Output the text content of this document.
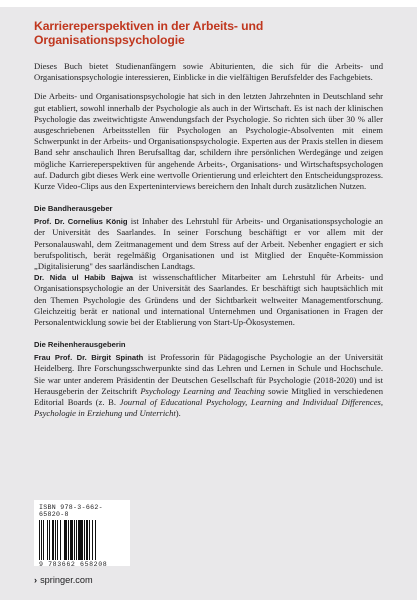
Karriereperspektiven in der Arbeits- und Organisationspsychologie

Dieses Buch bietet Studienanfängern sowie Abiturienten, die sich für die Arbeits- und Organisationspsychologie interessieren, Einblicke in die vielfältigen Berufsfelder des Fachgebiets.

Die Arbeits- und Organisationspsychologie hat sich in den letzten Jahrzehnten in Deutschland sehr gut etabliert, sowohl innerhalb der Psychologie als auch in der Wirtschaft. Es ist nach der klinischen Psychologie das zweitwichtigste Anwendungsfach der Psychologie. So richten sich über 30 % aller ausgeschriebenen Arbeitsstellen für Psychologen an Psychologie-Absolventen mit einem Schwerpunkt in der Arbeits- und Organisationspsychologie. Experten aus der Praxis stellen in diesem Band sehr anschaulich Ihren Berufsalltag dar, schildern ihre persönlichen Werdegänge und zeigen mögliche Karriereperspektiven für angehende Arbeits-, Organisations- und Wirtschaftspsychologen auf. Dadurch gibt dieses Werk eine wertvolle Orientierung und erleichtert den Entscheidungsprozess. Kurze Video-Clips aus den Experteninterviews bereichern den Inhalt durch zusätzlichen Nutzen.

Die Bandherausgeber

Prof. Dr. Cornelius König ist Inhaber des Lehrstuhl für Arbeits- und Organisationspsychologie an der Universität des Saarlandes. In seiner Forschung beschäftigt er vor allem mit der Personalauswahl, dem Zeitmanagement und dem Stress auf der Arbeit. Nebenher engagiert er sich berufspolitisch, berät regelmäßig Organisationen und ist Mitglied der Enquête-Kommission „Digitalisierung" des saarländischen Landtags.

Dr. Nida ul Habib Bajwa ist wissenschaftlicher Mitarbeiter am Lehrstuhl für Arbeits- und Organisationspsychologie an der Universität des Saarlandes. Er beschäftigt sich hauptsächlich mit den Themen Psychologie des Gründens und der Sichtbarkeit weltweiter Managementforschung. Gleichzeitig berät er national und international Unternehmen und Organisationen in Fragen der Personalentwicklung sowie bei der Etablierung von Start-Up-Ökosystemen.

Die Reihenherausgeberin

Frau Prof. Dr. Birgit Spinath ist Professorin für Pädagogische Psychologie an der Universität Heidelberg. Ihre Forschungsschwerpunkte sind das Lehren und Lernen in Schule und Hochschule. Sie war unter anderem Präsidentin der Deutschen Gesellschaft für Psychologie (2018-2020) und ist Herausgeberin der Zeitschrift Psychology Learning and Teaching sowie Mitglied in verschiedenen Editorial Boards (z. B. Journal of Educational Psychology, Learning and Individual Differences, Psychologie in Erziehung und Unterricht).

ISBN 978-3-662-65820-8
9 783662 658208
› springer.com
